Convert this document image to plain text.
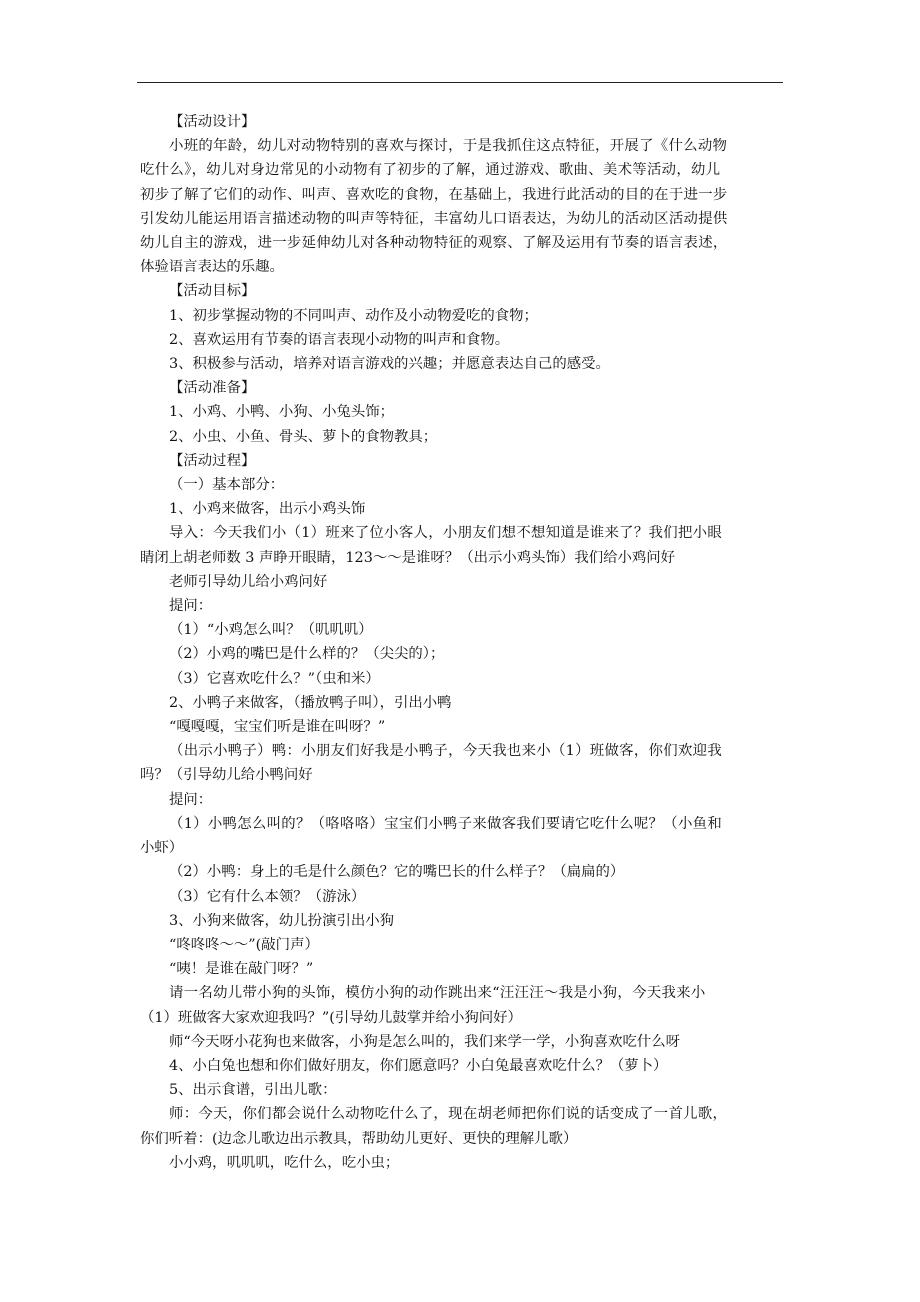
【活动设计】

小班的年龄，幼儿对动物特别的喜欢与探讨，于是我抓住这点特征，开展了《什么动物

吃什么》，幼儿对身边常见的小动物有了初步的了解，通过游戏、歌曲、美术等活动，幼儿

初步了解了它们的动作、叫声、喜欢吃的食物，在基础上，我进行此活动的目的在于进一步

引发幼儿能运用语言描述动物的叫声等特征，丰富幼儿口语表达，为幼儿的活动区活动提供

幼儿自主的游戏，进一步延伸幼儿对各种动物特征的观察、了解及运用有节奏的语言表述，

体验语言表达的乐趣。

【活动目标】

1、初步掌握动物的不同叫声、动作及小动物爱吃的食物；

2、喜欢运用有节奏的语言表现小动物的叫声和食物。

3、积极参与活动，培养对语言游戏的兴趣；并愿意表达自己的感受。

【活动准备】

1、小鸡、小鸭、小狗、小兔头饰；

2、小虫、小鱼、骨头、萝卜的食物教具；

【活动过程】

（一）基本部分：

1、小鸡来做客，出示小鸡头饰

导入：今天我们小（1）班来了位小客人，小朋友们想不想知道是谁来了？我们把小眼

睛闭上胡老师数 3 声睁开眼睛，123～～是谁呀？（出示小鸡头饰）我们给小鸡问好

老师引导幼儿给小鸡问好

提问：

（1）“小鸡怎么叫？（叽叽叽）

（2）小鸡的嘴巴是什么样的？（尖尖的）；

（3）它喜欢吃什么？”（虫和米）

2、小鸭子来做客，（播放鸭子叫），引出小鸭

“嘎嘎嘎，宝宝们听是谁在叫呀？”

（出示小鸭子）鸭：小朋友们好我是小鸭子，今天我也来小（1）班做客，你们欢迎我

吗？（引导幼儿给小鸭问好

提问：

（1）小鸭怎么叫的？（咯咯咯）宝宝们小鸭子来做客我们要请它吃什么呢？（小鱼和

小虾）

（2）小鸭：身上的毛是什么颜色？它的嘴巴长的什么样子？（扁扁的）

（3）它有什么本领？（游泳）

3、小狗来做客，幼儿扮演引出小狗

“咚咚咚～～”(敲门声）

“咦！是谁在敲门呀？”

请一名幼儿带小狗的头饰，模仿小狗的动作跳出来“汪汪汪～我是小狗，今天我来小

（1）班做客大家欢迎我吗？”(引导幼儿鼓掌并给小狗问好）

师“今天呀小花狗也来做客，小狗是怎么叫的，我们来学一学，小狗喜欢吃什么呀

4、小白兔也想和你们做好朋友，你们愿意吗？小白兔最喜欢吃什么？（萝卜）

5、出示食谱，引出儿歌：

师：今天，你们都会说什么动物吃什么了，现在胡老师把你们说的话变成了一首儿歌，

你们听着：(边念儿歌边出示教具，帮助幼儿更好、更快的理解儿歌）

小小鸡，叽叽叽，吃什么，吃小虫；
